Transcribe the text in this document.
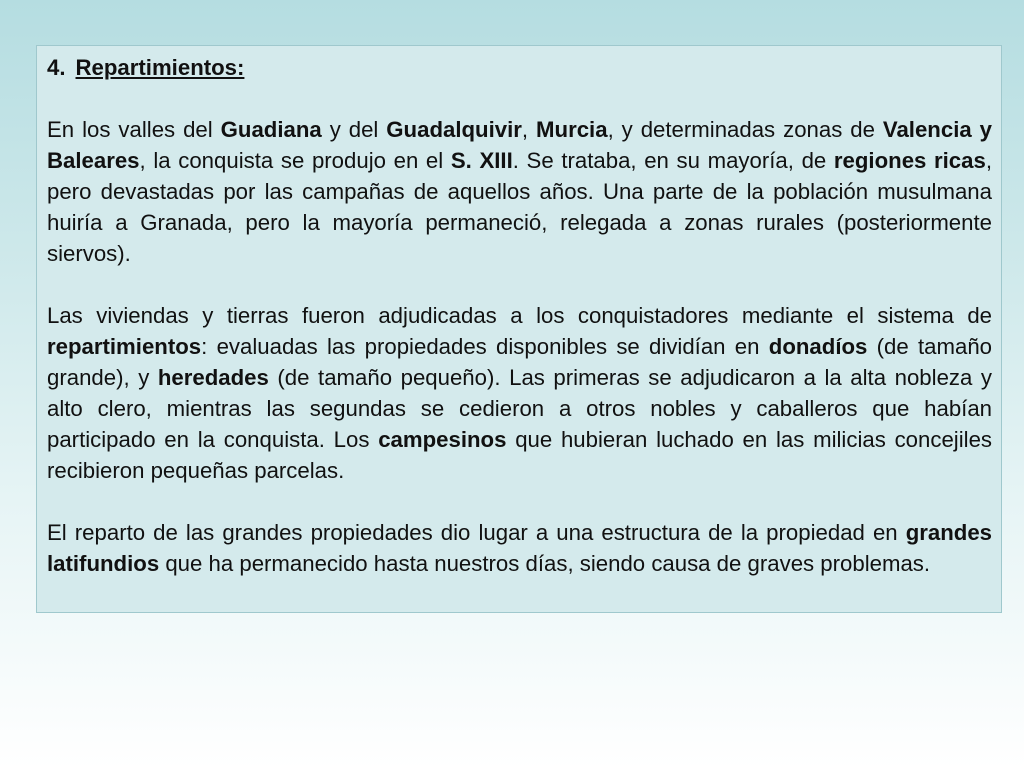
4. Repartimientos:

En los valles del Guadiana y del Guadalquivir, Murcia, y determinadas zonas de Valencia y Baleares, la conquista se produjo en el S. XIII. Se trataba, en su mayoría, de regiones ricas, pero devastadas por las campañas de aquellos años. Una parte de la población musulmana huiría a Granada, pero la mayoría permaneció, relegada a zonas rurales (posteriormente siervos).

Las viviendas y tierras fueron adjudicadas a los conquistadores mediante el sistema de repartimientos: evaluadas las propiedades disponibles se dividían en donadíos (de tamaño grande), y heredades (de tamaño pequeño). Las primeras se adjudicaron a la alta nobleza y alto clero, mientras las segundas se cedieron a otros nobles y caballeros que habían participado en la conquista. Los campesinos que hubieran luchado en las milicias concejiles recibieron pequeñas parcelas.

El reparto de las grandes propiedades dio lugar a una estructura de la propiedad en grandes latifundios que ha permanecido hasta nuestros días, siendo causa de graves problemas.
